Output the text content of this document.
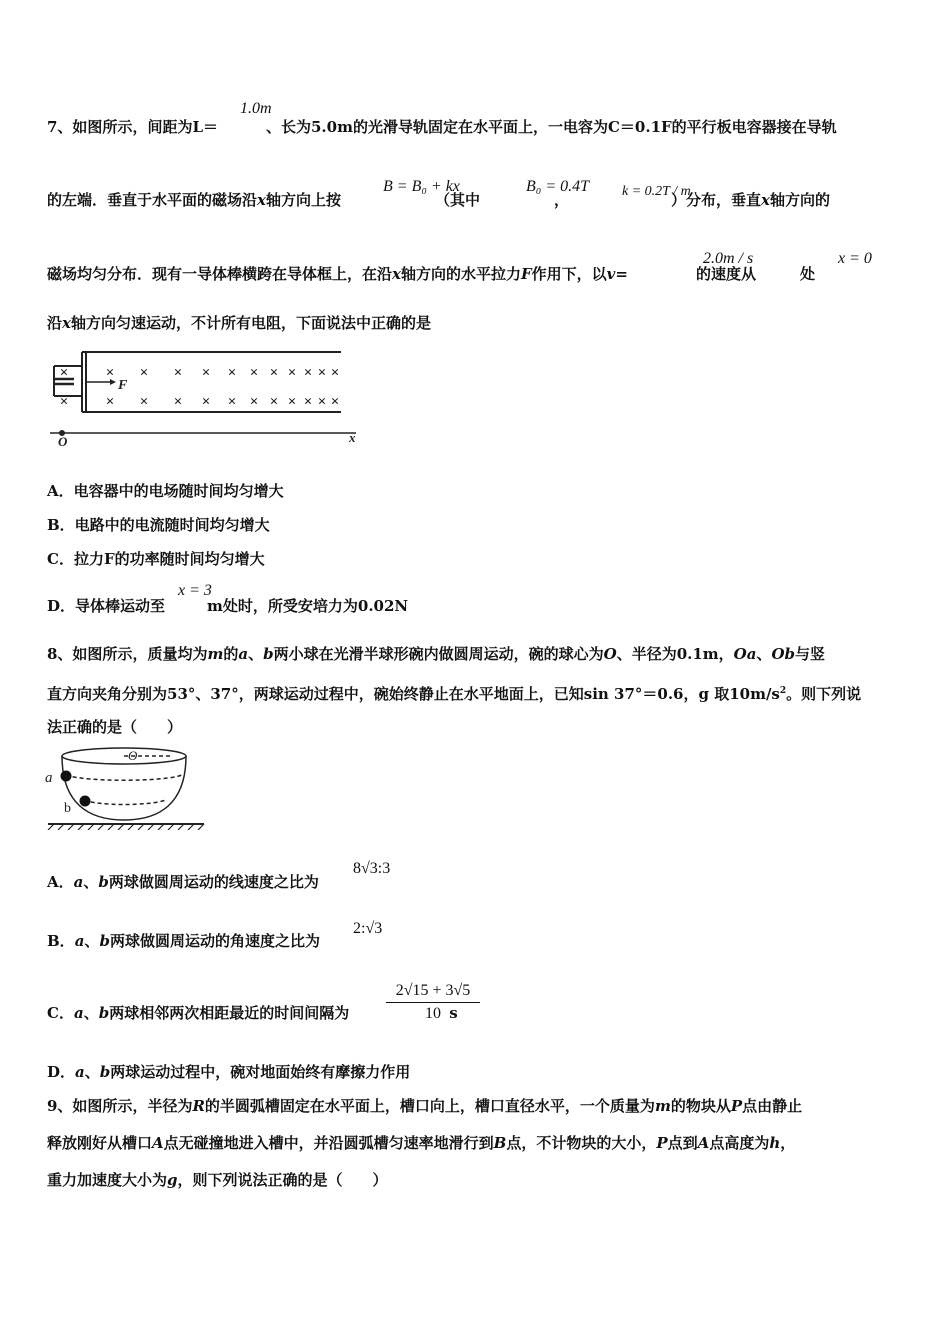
7、如图所示，间距为L＝	、长为5.0m的光滑导轨固定在水平面上，一电容为C＝0.1F的平行板电容器接在导轨
1.0m
的左端．垂直于水平面的磁场沿x轴方向上按	（其中	，	）分布，垂直x轴方向的
B = B₀ + kx	B₀ = 0.4T k = 0.2T / m
磁场均匀分布．现有一导体棒横跨在导体框上，在沿x轴方向的水平拉力F作用下，以v=	的速度从	处
2.0m / s	x = 0
沿x轴方向匀速运动，不计所有电阻，下面说法中正确的是
×
×
× × × × × × × × × × ×
× × × × × × × × × × ×
F
O	x
A．电容器中的电场随时间均匀增大
B．电路中的电流随时间均匀增大
C．拉力F的功率随时间均匀增大
D．导体棒运动至	m处时，所受安培力为0.02N
x = 3
8、如图所示，质量均为m的a、b两小球在光滑半球形碗内做圆周运动，碗的球心为O、半径为0.1m，Oa、Ob与竖
直方向夹角分别为53°、37°，两球运动过程中，碗始终静止在水平地面上，已知sin 37°＝0.6，g 取$10m/s^2$。则下列说
法正确的是（　　）
O
a
b
A．a、b两球做圆周运动的线速度之比为
8√3:3
B．a、b两球做圆周运动的角速度之比为
2:√3
C．a、b两球相邻两次相距最近的时间间隔为	s
$\frac{2√15 + 3√5}{10}$
D．a、b两球运动过程中，碗对地面始终有摩擦力作用
9、如图所示，半径为R的半圆弧槽固定在水平面上，槽口向上，槽口直径水平，一个质量为m的物块从P点由静止
释放刚好从槽口A点无碰撞地进入槽中，并沿圆弧槽匀速率地滑行到B点，不计物块的大小，P点到A点高度为h，
重力加速度大小为g，则下列说法正确的是（　　）
